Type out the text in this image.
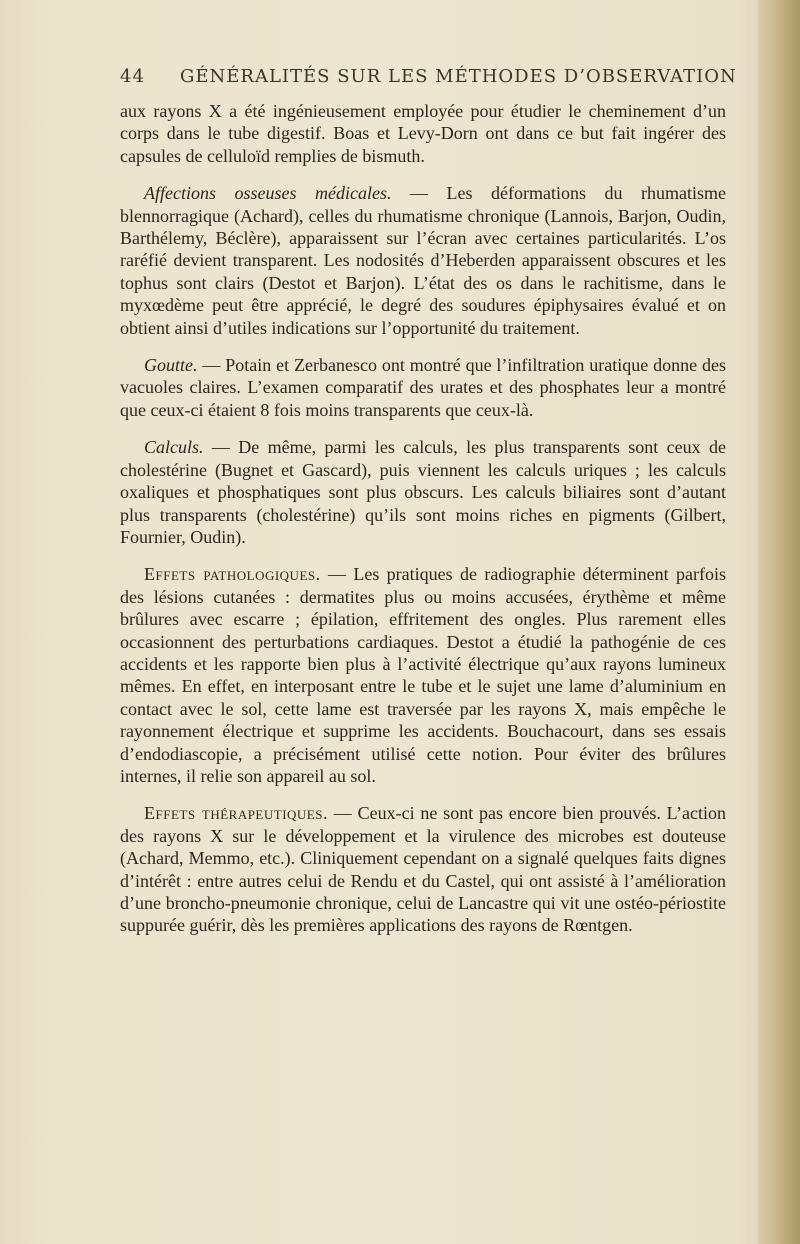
44 GÉNÉRALITÉS SUR LES MÉTHODES D’OBSERVATION

aux rayons X a été ingénieusement employée pour étudier le cheminement d’un corps dans le tube digestif. Boas et Levy-Dorn ont dans ce but fait ingérer des capsules de celluloïd remplies de bismuth.

Affections osseuses médicales. — Les déformations du rhumatisme blennorragique (Achard), celles du rhumatisme chronique (Lannois, Barjon, Oudin, Barthélemy, Béclère), apparaissent sur l’écran avec certaines particularités. L’os raréfié devient transparent. Les nodosités d’Heberden apparaissent obscures et les tophus sont clairs (Destot et Barjon). L’état des os dans le rachitisme, dans le myxœdème peut être apprécié, le degré des soudures épiphysaires évalué et on obtient ainsi d’utiles indications sur l’opportunité du traitement.

Goutte. — Potain et Zerbanesco ont montré que l’infiltration uratique donne des vacuoles claires. L’examen comparatif des urates et des phosphates leur a montré que ceux-ci étaient 8 fois moins transparents que ceux-là.

Calculs. — De même, parmi les calculs, les plus transparents sont ceux de cholestérine (Bugnet et Gascard), puis viennent les calculs uriques ; les calculs oxaliques et phosphatiques sont plus obscurs. Les calculs biliaires sont d’autant plus transparents (cholestérine) qu’ils sont moins riches en pigments (Gilbert, Fournier, Oudin).

Effets pathologiques. — Les pratiques de radiographie déterminent parfois des lésions cutanées : dermatites plus ou moins accusées, érythème et même brûlures avec escarre ; épilation, effritement des ongles. Plus rarement elles occasionnent des perturbations cardiaques. Destot a étudié la pathogénie de ces accidents et les rapporte bien plus à l’activité électrique qu’aux rayons lumineux mêmes. En effet, en interposant entre le tube et le sujet une lame d’aluminium en contact avec le sol, cette lame est traversée par les rayons X, mais empêche le rayonnement électrique et supprime les accidents. Bouchacourt, dans ses essais d’endodiascopie, a précisément utilisé cette notion. Pour éviter des brûlures internes, il relie son appareil au sol.

Effets thérapeutiques. — Ceux-ci ne sont pas encore bien prouvés. L’action des rayons X sur le développement et la virulence des microbes est douteuse (Achard, Memmo, etc.). Cliniquement cependant on a signalé quelques faits dignes d’intérêt : entre autres celui de Rendu et du Castel, qui ont assisté à l’amélioration d’une broncho-pneumonie chronique, celui de Lancastre qui vit une ostéo-périostite suppurée guérir, dès les premières applications des rayons de Rœntgen.
